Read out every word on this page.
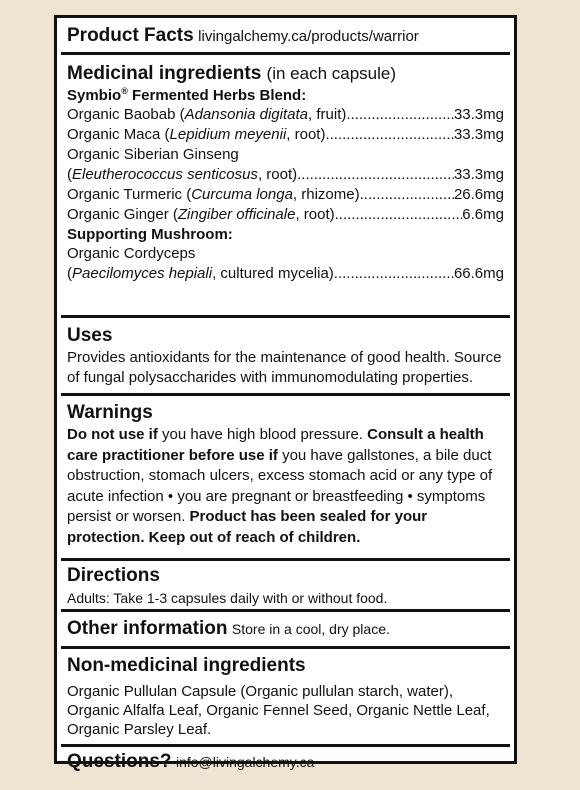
Product Facts livingalchemy.ca/products/warrior
Medicinal ingredients (in each capsule)
Symbio® Fermented Herbs Blend:
Organic Baobab (Adansonia digitata, fruit) .....	33.3mg
Organic Maca (Lepidium meyenii, root) .....	33.3mg
Organic Siberian Ginseng
(Eleutherococcus senticosus, root) .....	33.3mg
Organic Turmeric (Curcuma longa, rhizome) .....	26.6mg
Organic Ginger (Zingiber officinale, root) .....	6.6mg
Supporting Mushroom:
Organic Cordyceps
(Paecilomyces hepiali, cultured mycelia) .....	66.6mg
Uses
Provides antioxidants for the maintenance of good health. Source of fungal polysaccharides with immunomodulating properties.
Warnings
Do not use if you have high blood pressure. Consult a health care practitioner before use if you have gallstones, a bile duct obstruction, stomach ulcers, excess stomach acid or any type of acute infection • you are pregnant or breastfeeding • symptoms persist or worsen. Product has been sealed for your protection. Keep out of reach of children.
Directions
Adults: Take 1-3 capsules daily with or without food.
Other information Store in a cool, dry place.
Non-medicinal ingredients
Organic Pullulan Capsule (Organic pullulan starch, water), Organic Alfalfa Leaf, Organic Fennel Seed, Organic Nettle Leaf, Organic Parsley Leaf.
Questions? info@livingalchemy.ca
